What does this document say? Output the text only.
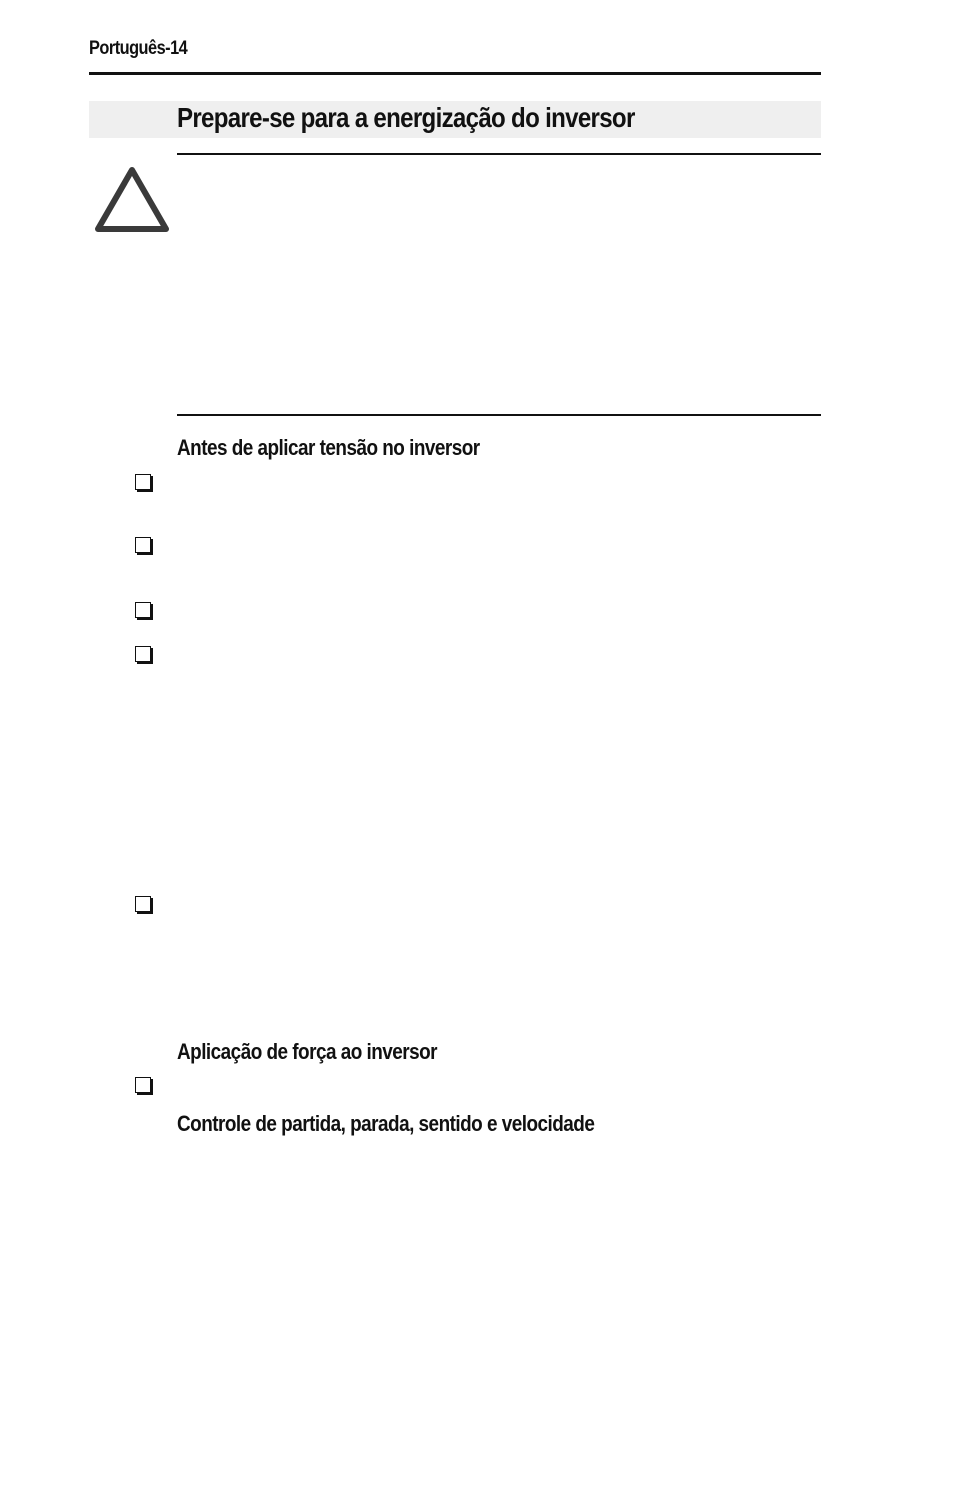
Português-14
Prepare-se para a energização do inversor
Antes de aplicar tensão no inversor
Aplicação de força ao inversor
Controle de partida, parada, sentido e velocidade
